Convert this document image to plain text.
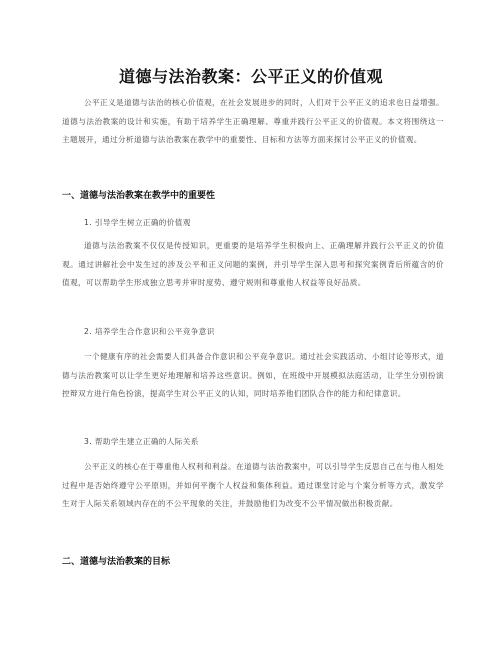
道德与法治教案：公平正义的价值观
公平正义是道德与法治的核心价值观，在社会发展进步的同时，人们对于公平正义的追求也日益增强。道德与法治教案的设计和实施，有助于培养学生正确理解、尊重并践行公平正义的价值观。本文将围绕这一主题展开，通过分析道德与法治教案在教学中的重要性、目标和方法等方面来探讨公平正义的价值观。
一、道德与法治教案在教学中的重要性
1. 引导学生树立正确的价值观
道德与法治教案不仅仅是传授知识，更重要的是培养学生积极向上、正确理解并践行公平正义的价值观。通过讲解社会中发生过的涉及公平和正义问题的案例，并引导学生深入思考和探究案例背后所蕴含的价值观，可以帮助学生形成独立思考并审时度势、遵守规则和尊重他人权益等良好品质。
2. 培养学生合作意识和公平竞争意识
一个健康有序的社会需要人们具备合作意识和公平竞争意识。通过社会实践活动、小组讨论等形式，道德与法治教案可以让学生更好地理解和培养这些意识。例如，在班级中开展模拟法庭活动，让学生分别扮演控辩双方进行角色扮演，提高学生对公平正义的认知，同时培养他们团队合作的能力和纪律意识。
3. 帮助学生建立正确的人际关系
公平正义的核心在于尊重他人权利和利益。在道德与法治教案中，可以引导学生反思自己在与他人相处过程中是否始终遵守公平原则，并如何平衡个人权益和集体利益。通过课堂讨论与个案分析等方式，激发学生对于人际关系领域内存在的不公平现象的关注，并鼓励他们为改变不公平情况做出积极贡献。
二、道德与法治教案的目标
